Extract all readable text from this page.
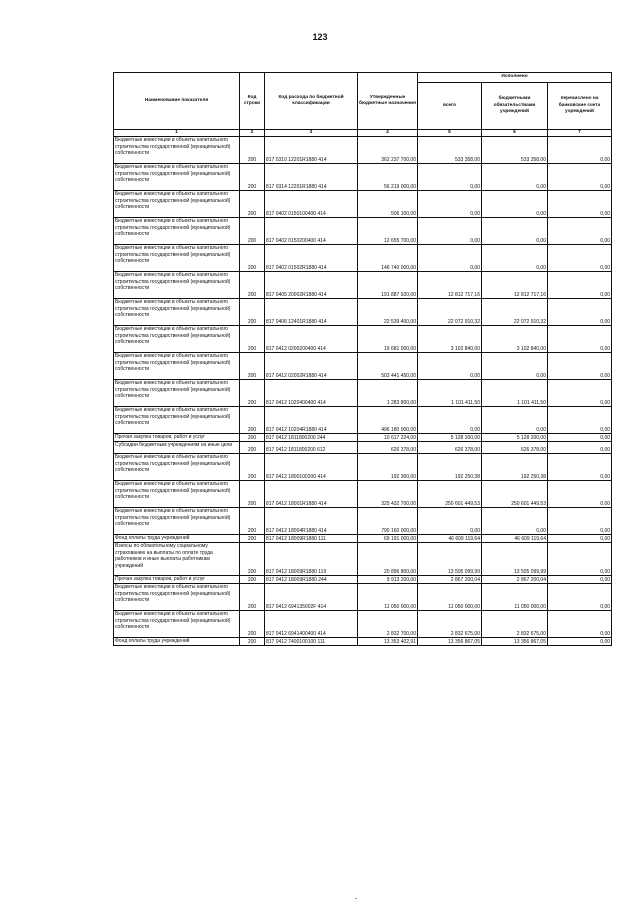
123
Наименование показателя	Код строки	Код расхода по бюджетной классификации	Утвержденные бюджетные назначения	Исполнено		
				всего	бюджетными обязательствами учреждений	перечислено на банковские счета учреждений
1	2	3	4	5	6	7
Бюджетные инвестиции в объекты капитального строительства государственной (муниципальной) собственности	200	817 0310 12201R1880 414	362 237 700,00	533 358,00	533 358,00	0,00
Бюджетные инвестиции в объекты капитального строительства государственной (муниципальной) собственности	200	817 0314 12201R1880 414	56 219 000,00	0,00	0,00	0,00
Бюджетные инвестиции в объекты капитального строительства государственной (муниципальной) собственности	200	817 0402 0150100400 414	506 100,00	0,00	0,00	0,00
Бюджетные инвестиции в объекты капитального строительства государственной (муниципальной) собственности	200	817 0402 0150200400 414	12 655 700,00	0,00	0,00	0,00
Бюджетные инвестиции в объекты капитального строительства государственной (муниципальной) собственности	200	817 0402 01502R1880 414	146 740 000,00	0,00	0,00	0,00
Бюджетные инвестиции в объекты капитального строительства государственной (муниципальной) собственности	200	817 0405 20002R1880 414	191 887 920,00	12 812 717,16	12 812 717,16	0,00
Бюджетные инвестиции в объекты капитального строительства государственной (муниципальной) собственности	200	817 0406 12401R1880 414	22 539 400,00	22 072 910,32	22 072 910,32	0,00
Бюджетные инвестиции в объекты капитального строительства государственной (муниципальной) собственности	200	817 0412 0200200400 414	19 681 000,00	3 102 840,00	3 102 840,00	0,00
Бюджетные инвестиции в объекты капитального строительства государственной (муниципальной) собственности	200	817 0412 02002R1880 414	503 441 450,00	0,00	0,00	0,00
Бюджетные инвестиции в объекты капитального строительства государственной (муниципальной) собственности	200	817 0412 1020400400 414	1 283 800,00	1 101 411,50	1 101 411,50	0,00
Бюджетные инвестиции в объекты капитального строительства государственной (муниципальной) собственности	200	817 0412 10204R1880 414	496 180 000,00	0,00	0,00	0,00
Прочая закупка товаров, работ и услуг	200	817 0412 1811800200 244	10 617 224,00	5 128 200,00	5 128 200,00	0,00
Субсидии бюджетным учреждениям на иные цели	200	817 0412 1811800200 612	626 378,00	626 378,00	626 378,00	0,00
Бюджетные инвестиции в объекты капитального строительства государственной (муниципальной) собственности	200	817 0412 1800100200 414	192 300,00	192 250,38	192 250,38	0,00
Бюджетные инвестиции в объекты капитального строительства государственной (муниципальной) собственности	200	817 0412 18001R1880 414	325 432 700,00	250 601 449,53	250 601 449,53	0,00
Бюджетные инвестиции в объекты капитального строительства государственной (муниципальной) собственности	200	817 0412 18004R1880 414	790 160 000,00	0,00	0,00	0,00
Фонд оплаты труда учреждений	200	817 0412 18009R1880 111	69 191 000,00	46 609 119,64	46 609 119,64	0,00
Взносы по обязательному социальному страхованию на выплаты по оплате труда работников и иные выплаты работникам учреждений	200	817 0412 18009R1880 119	20 896 800,00	13 505 099,99	13 505 099,99	0,00
Прочая закупка товаров, работ и услуг	200	817 0412 18009R1880 244	9 913 200,00	2 867 200,04	2 867 200,04	0,00
Бюджетные инвестиции в объекты капитального строительства государственной (муниципальной) собственности	200	817 0412 694135002F 414	11 050 000,00	11 050 000,00	11 050 000,00	0,00
Бюджетные инвестиции в объекты капитального строительства государственной (муниципальной) собственности	200	817 0412 6941400400 414	2 832 700,00	2 832 675,00	2 832 675,00	0,00
Фонд оплаты труда учреждений	200	817 0412 7400100100 111	13 353 402,91	13 356 867,05	13 356 867,05	0,00
